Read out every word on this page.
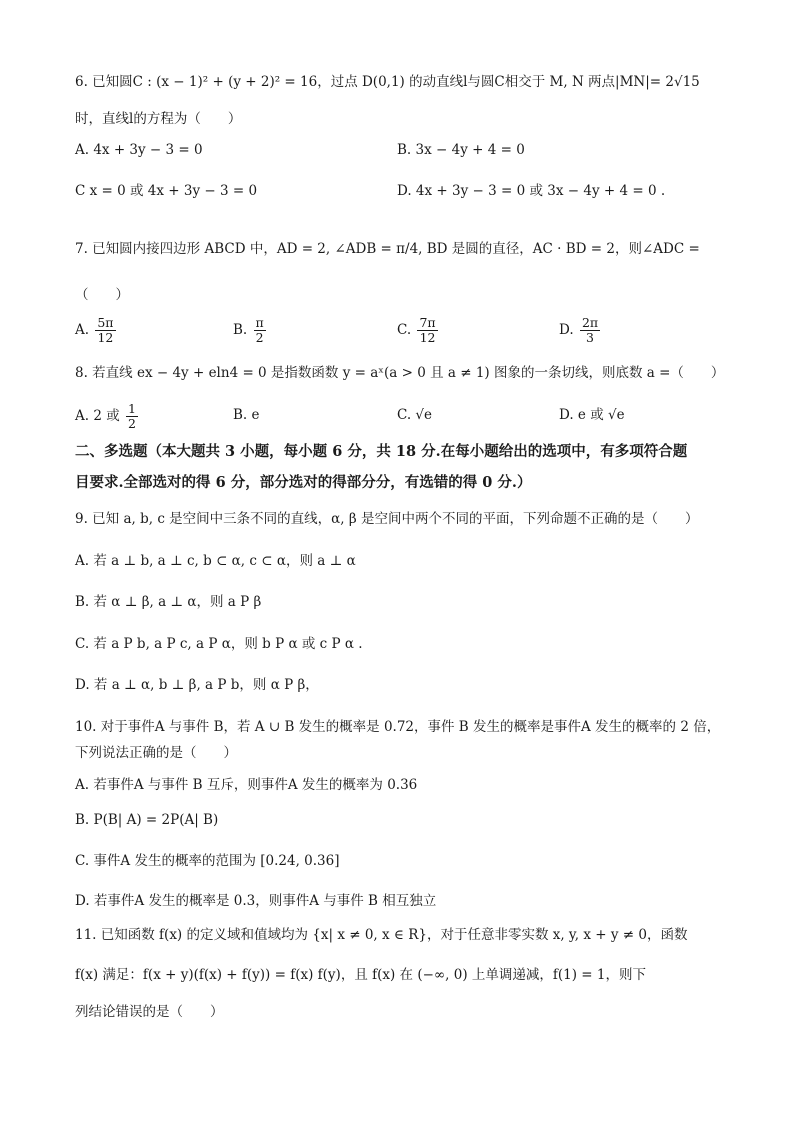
6. 已知圆C : (x − 1)² + (y + 2)² = 16，过点 D(0,1) 的动直线l与圆C相交于 M, N 两点|MN|= 2√15
时，直线l的方程为（　　）
A. 4x + 3y − 3 = 0	B. 3x − 4y + 4 = 0
C x = 0 或 4x + 3y − 3 = 0	D. 4x + 3y − 3 = 0 或 3x − 4y + 4 = 0 .
7. 已知圆内接四边形 ABCD 中，AD = 2, ∠ADB = π/4, BD 是圆的直径，AC · BD = 2，则∠ADC =
（　　）
A. $\frac{5\pi}{12}$	B. $\frac{\pi}{2}$	C. $\frac{7\pi}{12}$	D. $\frac{2\pi}{3}$
8. 若直线 ex − 4y + eln4 = 0 是指数函数 y = aˣ(a > 0 且 a ≠ 1) 图象的一条切线，则底数 a =（　　）
A. 2 或 $\frac{1}{2}$	B. e	C. √e	D. e 或 √e
二、多选题（本大题共 3 小题，每小题 6 分，共 18 分.在每小题给出的选项中，有多项符合题
目要求.全部选对的得 6 分，部分选对的得部分分，有选错的得 0 分.）
9. 已知 a, b, c 是空间中三条不同的直线，α, β 是空间中两个不同的平面，下列命题不正确的是（　　）
A. 若 a ⊥ b, a ⊥ c, b ⊂ α, c ⊂ α，则 a ⊥ α
B. 若 α ⊥ β, a ⊥ α，则 a P β
C. 若 a P b, a P c, a P α，则 b P α 或 c P α .
D. 若 a ⊥ α, b ⊥ β, a P b，则 α P β，
10. 对于事件A 与事件 B，若 A ∪ B 发生的概率是 0.72，事件 B 发生的概率是事件A 发生的概率的 2 倍，
下列说法正确的是（　　）
A. 若事件A 与事件 B 互斥，则事件A 发生的概率为 0.36
B. P(B| A) = 2P(A| B)
C. 事件A 发生的概率的范围为 [0.24, 0.36]
D. 若事件A 发生的概率是 0.3，则事件A 与事件 B 相互独立
11. 已知函数 f(x) 的定义域和值域均为 {x| x ≠ 0, x ∈ R}，对于任意非零实数 x, y, x + y ≠ 0，函数
f(x) 满足：f(x + y)(f(x) + f(y)) = f(x) f(y)，且 f(x) 在 (−∞, 0) 上单调递减，f(1) = 1，则下
列结论错误的是（　　）
